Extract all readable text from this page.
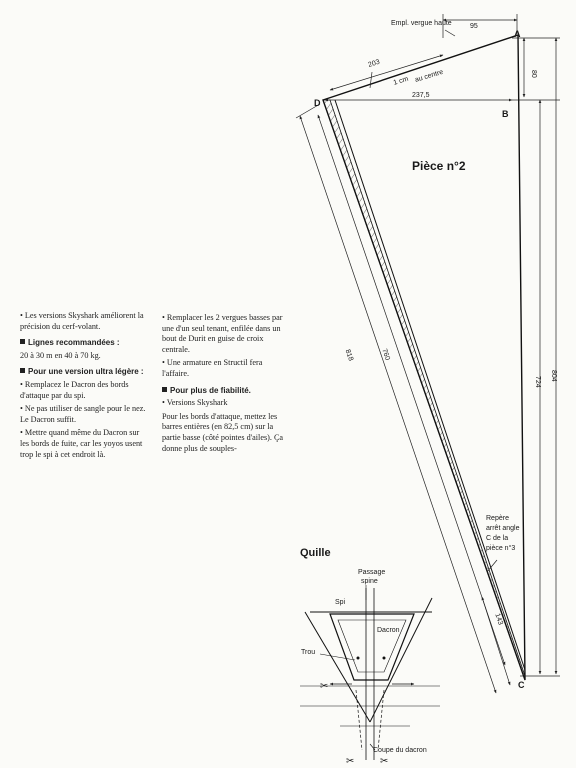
• Les versions Skyshark améliorent la précision du cerf-volant.

Lignes recommandées :

20 à 30 m en 40 à 70 kg.

Pour une version ultra légère :

• Remplacez le Dacron des bords d'attaque par du spi.

• Ne pas utiliser de sangle pour le nez. Le Dacron suffit.

• Mettre quand même du Dacron sur les bords de fuite, car les yoyos usent trop le spi à cet endroit là.

• Remplacer les 2 vergues basses par une d'un seul tenant, enfilée dans un bout de Durit en guise de croix centrale.

• Une armature en Structil fera l'affaire.

Pour plus de fiabilité.

• Versions Skyshark

Pour les bords d'attaque, mettez les barres entières (en 82,5 cm) sur la partie basse (côté pointes d'ailes). Ça donne plus de souples-

95
203
1 cm au centre
237,5
80
724
804
760
818
143
Empl. vergue haute
A
B
C
D
Pièce n°2
Repère
arrêt angle
C de la
pièce n°3
Quille
Passage
spine
Spi
Dacron
Trou
Coupe du dacron
✂
✂	✂
